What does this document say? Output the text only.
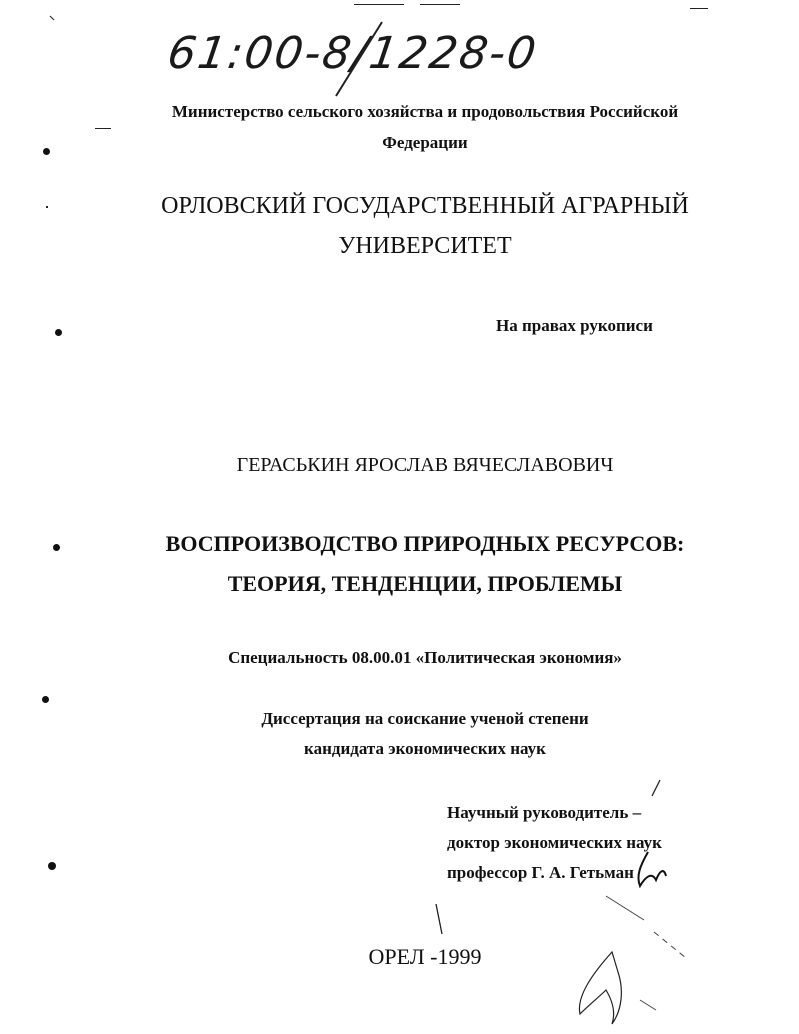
61:00-8/1228-0
Министерство сельского хозяйства и продовольствия Российской
Федерации
ОРЛОВСКИЙ ГОСУДАРСТВЕННЫЙ АГРАРНЫЙ
УНИВЕРСИТЕТ
На правах рукописи
ГЕРАСЬКИН ЯРОСЛАВ ВЯЧЕСЛАВОВИЧ
ВОСПРОИЗВОДСТВО ПРИРОДНЫХ РЕСУРСОВ:
ТЕОРИЯ, ТЕНДЕНЦИИ, ПРОБЛЕМЫ
Специальность 08.00.01 «Политическая экономия»
Диссертация на соискание ученой степени
кандидата экономических наук
Научный руководитель –
доктор экономических наук
профессор Г. А. Гетьман
ОРЕЛ -1999
